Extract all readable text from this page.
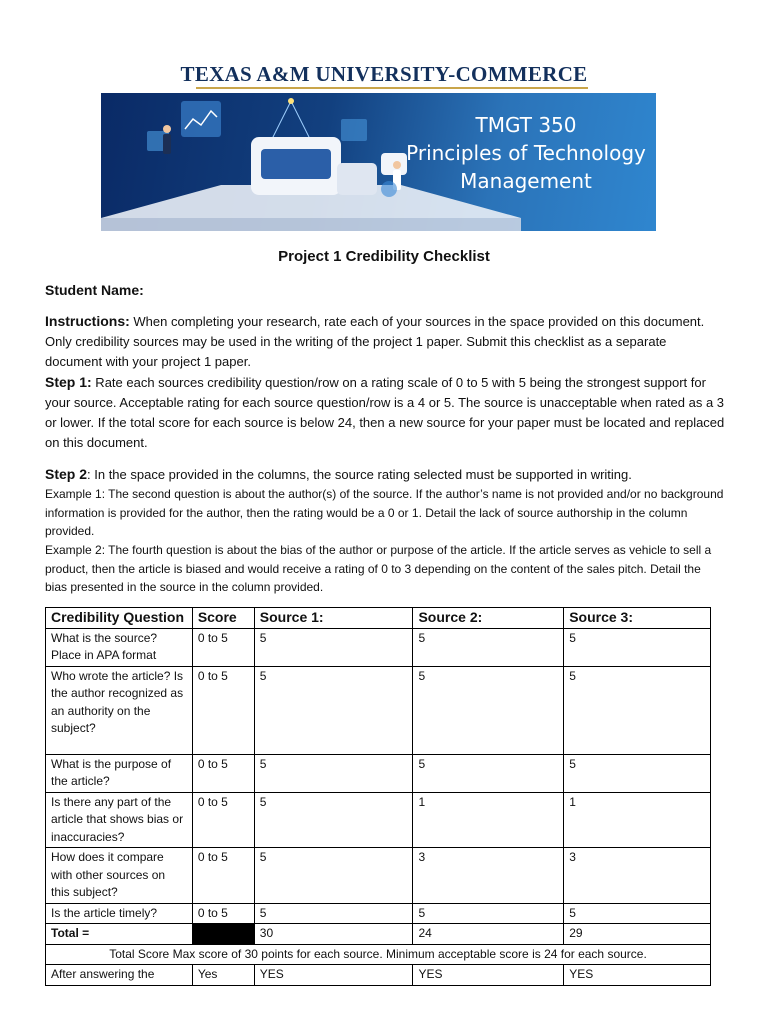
TEXAS A&M UNIVERSITY-COMMERCE
TMGT 350
Principles of Technology
Management
Project 1 Credibility Checklist
Student Name:
Instructions: When completing your research, rate each of your sources in the space provided on this document. Only credibility sources may be used in the writing of the project 1 paper. Submit this checklist as a separate document with your project 1 paper.
Step 1: Rate each sources credibility question/row on a rating scale of 0 to 5 with 5 being the strongest support for your source. Acceptable rating for each source question/row is a 4 or 5. The source is unacceptable when rated as a 3 or lower. If the total score for each source is below 24, then a new source for your paper must be located and replaced on this document.
Step 2: In the space provided in the columns, the source rating selected must be supported in writing.
Example 1: The second question is about the author(s) of the source. If the author’s name is not provided and/or no background information is provided for the author, then the rating would be a 0 or 1. Detail the lack of source authorship in the column provided.
Example 2: The fourth question is about the bias of the author or purpose of the article. If the article serves as vehicle to sell a product, then the article is biased and would receive a rating of 0 to 3 depending on the content of the sales pitch. Detail the bias presented in the source in the column provided.
Credibility Question	Score	Source 1:	Source 2:	Source 3:
What is the source? Place in APA format	0 to 5	5	5	5
Who wrote the article? Is the author recognized as an authority on the subject?	0 to 5	5	5	5
What is the purpose of the article?	0 to 5	5	5	5
Is there any part of the article that shows bias or inaccuracies?	0 to 5	5	1	1
How does it compare with other sources on this subject?	0 to 5	5	3	3
Is the article timely?	0 to 5	5	5	5
Total =		30	24	29
Total Score Max score of 30 points for each source. Minimum acceptable score is 24 for each source.				
After answering the	Yes	YES	YES	YES
